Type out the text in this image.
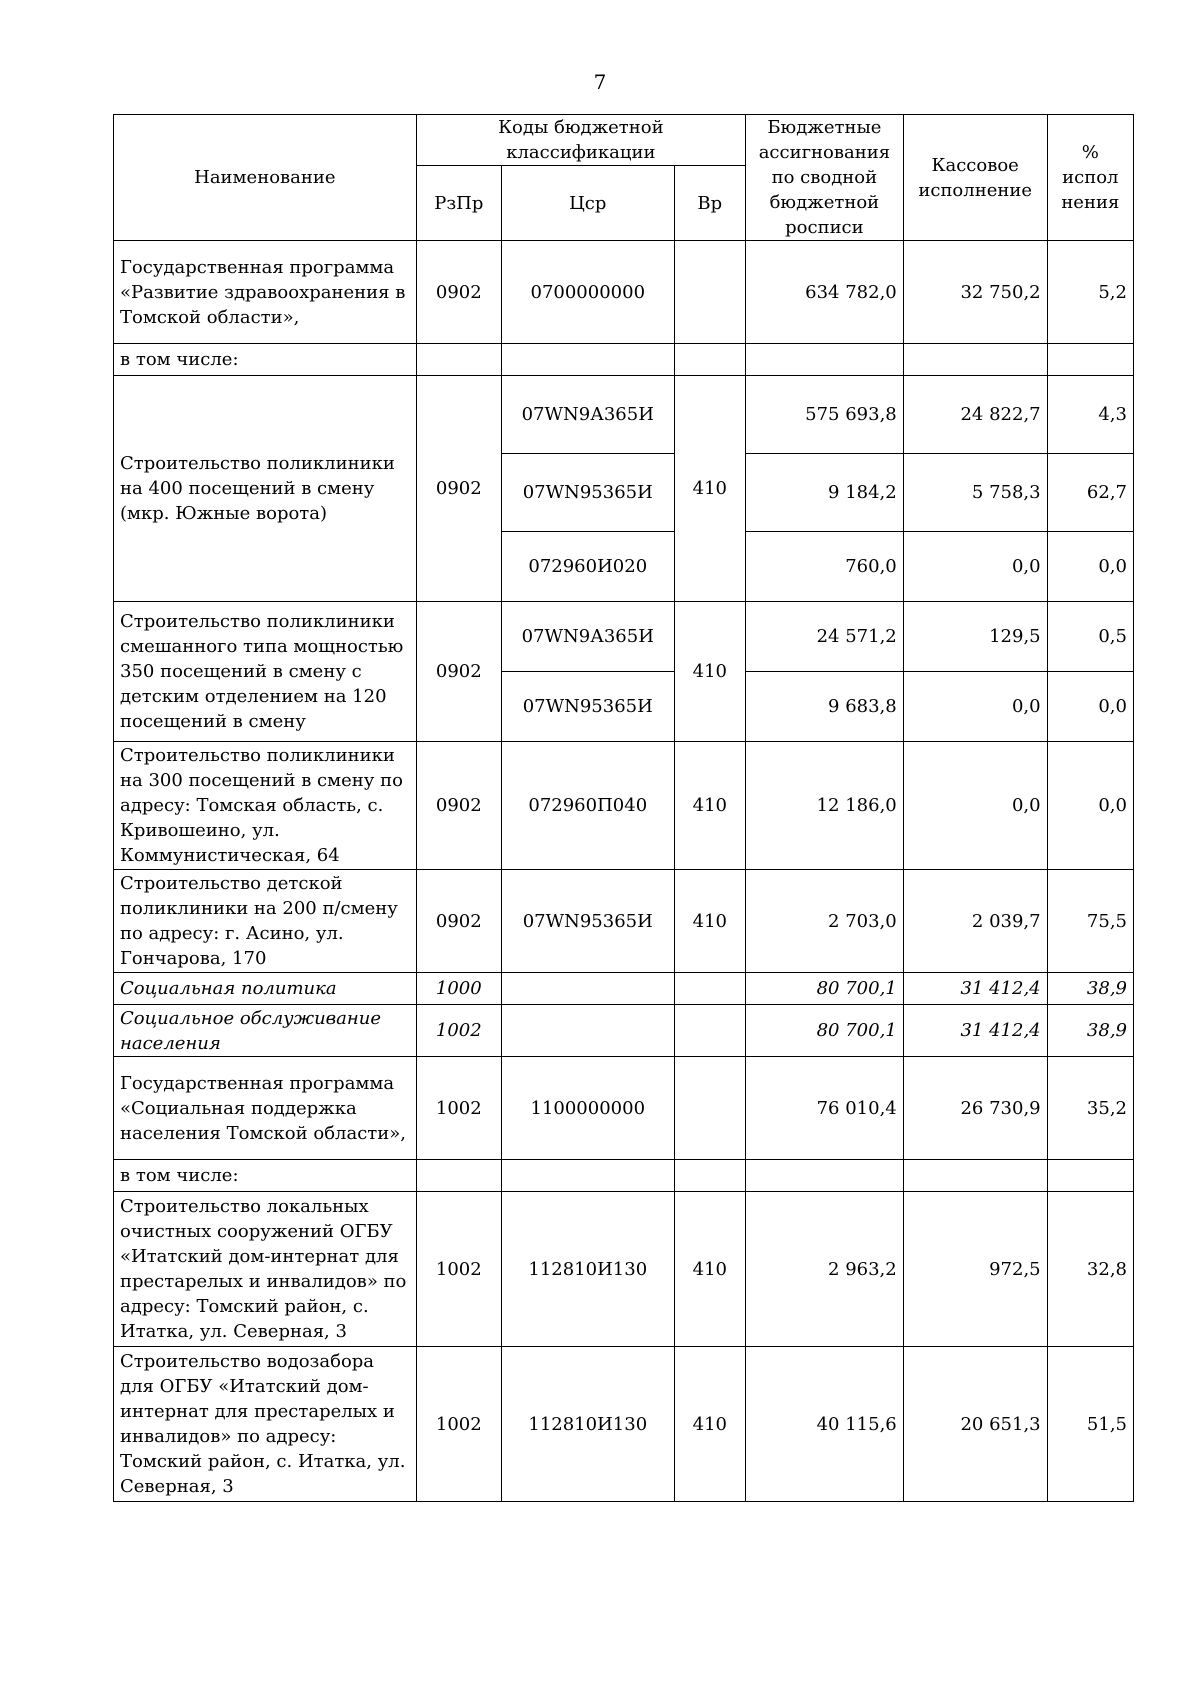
7
Наименование	Коды бюджетной классификации			Бюджетные ассигнования по сводной бюджетной росписи	Кассовое исполнение	% испол нения
	РзПр	Цср	Вр			
Государственная программа «Развитие здравоохранения в Томской области»,	0902	0700000000		634 782,0	32 750,2	5,2
в том числе:						
Строительство поликлиники на 400 посещений в смену (мкр. Южные ворота)	0902	07WN9А365И	410	575 693,8	24 822,7	4,3
		07WN95365И		9 184,2	5 758,3	62,7
		072960И020		760,0	0,0	0,0
Строительство поликлиники смешанного типа мощностью 350 посещений в смену с детским отделением на 120 посещений в смену	0902	07WN9А365И	410	24 571,2	129,5	0,5
		07WN95365И		9 683,8	0,0	0,0
Строительство поликлиники на 300 посещений в смену по адресу: Томская область, с. Кривошеино, ул. Коммунистическая, 64	0902	072960П040	410	12 186,0	0,0	0,0
Строительство детской поликлиники на 200 п/смену по адресу: г. Асино, ул. Гончарова, 170	0902	07WN95365И	410	2 703,0	2 039,7	75,5
Социальная политика	1000			80 700,1	31 412,4	38,9
Социальное обслуживание населения	1002			80 700,1	31 412,4	38,9
Государственная программа «Социальная поддержка населения Томской области»,	1002	1100000000		76 010,4	26 730,9	35,2
в том числе:						
Строительство локальных очистных сооружений ОГБУ «Итатский дом-интернат для престарелых и инвалидов» по адресу: Томский район, с. Итатка, ул. Северная, 3	1002	112810И130	410	2 963,2	972,5	32,8
Строительство водозабора для ОГБУ «Итатский дом-интернат для престарелых и инвалидов» по адресу: Томский район, с. Итатка, ул. Северная, 3	1002	112810И130	410	40 115,6	20 651,3	51,5
